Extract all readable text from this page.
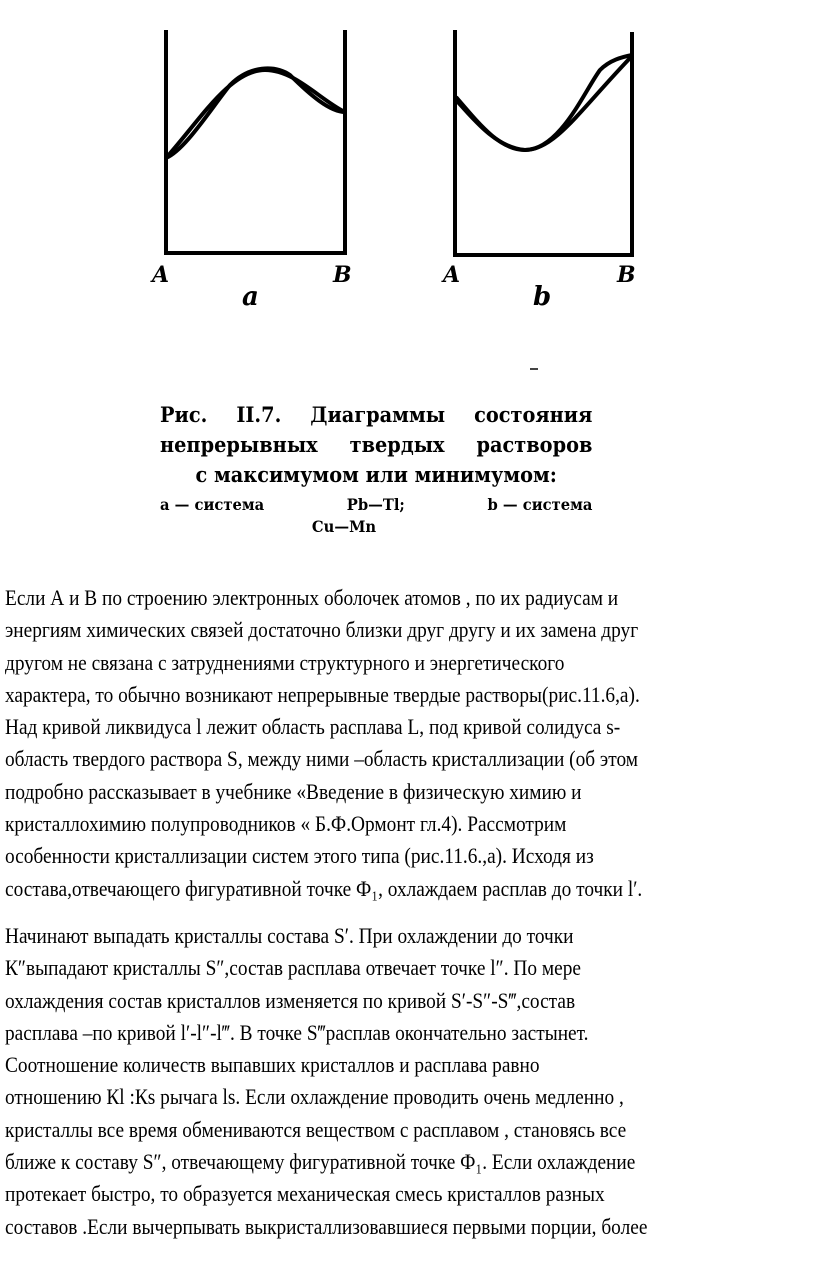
A	B
a
A	B
b
Рис. II.7. Диаграммы состояния
непрерывных твердых растворов
с максимумом или минимумом:
a — система	Pb—Tl;	b — система
Cu—Mn
Если А и В по строению электронных оболочек атомов , по их радиусам и
энергиям химических связей достаточно близки друг другу и их замена друг
другом не связана с затруднениями структурного и энергетического
характера, то обычно возникают непрерывные твердые растворы(рис.11.6,а).
Над кривой ликвидуса l лежит область расплава L, под кривой солидуса s-
область твердого раствора S, между ними –область кристаллизации (об этом
подробно рассказывает в учебнике «Введение в физическую химию и
кристаллохимию полупроводников « Б.Ф.Ормонт гл.4). Рассмотрим
особенности кристаллизации систем этого типа (рис.11.6.,а). Исходя из
состава,отвечающего фигуративной точке Ф₁, охлаждаем расплав до точки l′.
Начинают выпадать кристаллы состава S′. При охлаждении до точки
К″выпадают кристаллы S″,состав расплава отвечает точке l″. По мере
охлаждения состав кристаллов изменяется по кривой S′-S″-S‴,состав
расплава –по кривой l′-l″-l‴. В точке S‴расплав окончательно застынет.
Соотношение количеств выпавших кристаллов и расплава равно
отношению Кl :Кs рычага ls. Если охлаждение проводить очень медленно ,
кристаллы все время обмениваются веществом с расплавом , становясь все
ближе к составу S″, отвечающему фигуративной точке Ф₁. Если охлаждение
протекает быстро, то образуется механическая смесь кристаллов разных
составов .Если вычерпывать выкристаллизовавшиеся первыми порции, более
